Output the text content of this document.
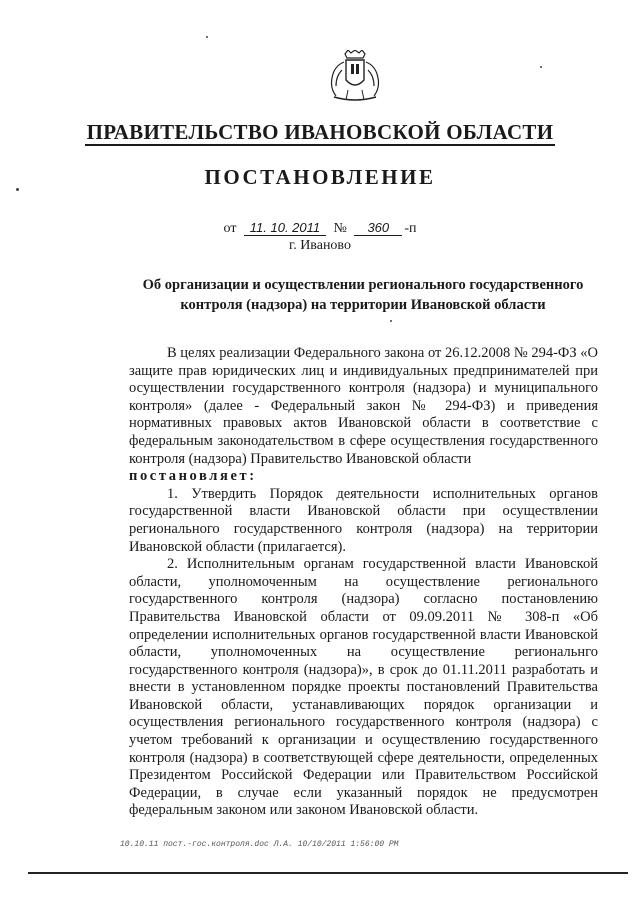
ПРАВИТЕЛЬСТВО ИВАНОВСКОЙ ОБЛАСТИ
ПОСТАНОВЛЕНИЕ
от 11. 10. 2011 № 360 -п
г. Иваново
Об организации и осуществлении регионального государственного контроля (надзора) на территории Ивановской области

В целях реализации Федерального закона от 26.12.2008 № 294-ФЗ «О защите прав юридических лиц и индивидуальных предпринимателей при осуществлении государственного контроля (надзора) и муниципального контроля» (далее - Федеральный закон № 294-ФЗ) и приведения нормативных правовых актов Ивановской области в соответствие с федеральным законодательством в сфере осуществления государственного контроля (надзора) Правительство Ивановской области

постановляет:

1. Утвердить Порядок деятельности исполнительных органов государственной власти Ивановской области при осуществлении регионального государственного контроля (надзора) на территории Ивановской области (прилагается).

2. Исполнительным органам государственной власти Ивановской области, уполномоченным на осуществление регионального государственного контроля (надзора) согласно постановлению Правительства Ивановской области от 09.09.2011 № 308-п «Об определении исполнительных органов государственной власти Ивановской области, уполномоченных на осуществление региональнго государственного контроля (надзора)», в срок до 01.11.2011 разработать и внести в установленном порядке проекты постановлений Правительства Ивановской области, устанавливающих порядок организации и осуществления регионального государственного контроля (надзора) с учетом требований к организации и осуществлению государственного контроля (надзора) в соответствующей сфере деятельности, определенных Президентом Российской Федерации или Правительством Российской Федерации, в случае если указанный порядок не предусмотрен федеральным законом или законом Ивановской области.

10.10.11 пост.-гос.контроля.doc Л.А. 10/10/2011 1:56:00 PM
